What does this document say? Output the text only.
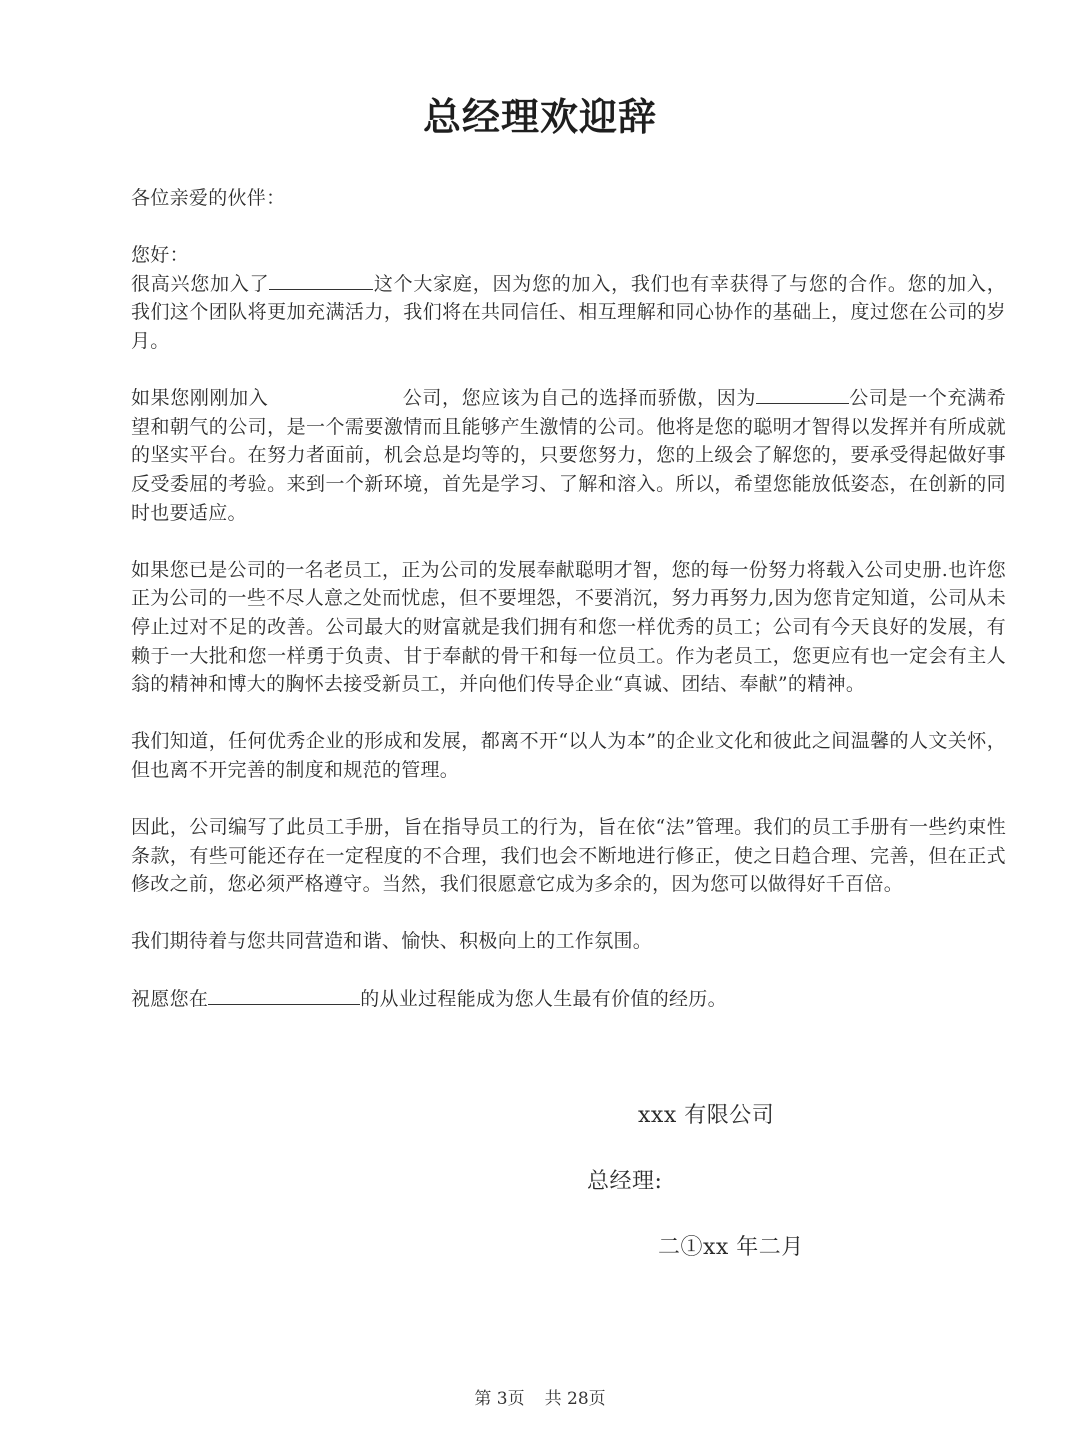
总经理欢迎辞

各位亲爱的伙伴：

您好：

很高兴您加入了	这个大家庭，因为您的加入，我们也有幸获得了与您的合作。您的加入，我们这个团队将更加充满活力，我们将在共同信任、相互理解和同心协作的基础上，度过您在公司的岁月。

如果您刚刚加入	公司，您应该为自己的选择而骄傲，因为	公司是一个充满希望和朝气的公司，是一个需要激情而且能够产生激情的公司。他将是您的聪明才智得以发挥并有所成就的坚实平台。在努力者面前，机会总是均等的，只要您努力，您的上级会了解您的，要承受得起做好事反受委屈的考验。来到一个新环境，首先是学习、了解和溶入。所以，希望您能放低姿态，在创新的同时也要适应。

如果您已是公司的一名老员工，正为公司的发展奉献聪明才智，您的每一份努力将载入公司史册.也许您正为公司的一些不尽人意之处而忧虑，但不要埋怨，不要消沉，努力再努力,因为您肯定知道，公司从未停止过对不足的改善。公司最大的财富就是我们拥有和您一样优秀的员工；公司有今天良好的发展，有赖于一大批和您一样勇于负责、甘于奉献的骨干和每一位员工。作为老员工，您更应有也一定会有主人翁的精神和博大的胸怀去接受新员工，并向他们传导企业“真诚、团结、奉献”的精神。

我们知道，任何优秀企业的形成和发展，都离不开“以人为本”的企业文化和彼此之间温馨的人文关怀，但也离不开完善的制度和规范的管理。

因此，公司编写了此员工手册，旨在指导员工的行为，旨在依“法”管理。我们的员工手册有一些约束性条款，有些可能还存在一定程度的不合理，我们也会不断地进行修正，使之日趋合理、完善，但在正式修改之前，您必须严格遵守。当然，我们很愿意它成为多余的，因为您可以做得好千百倍。

我们期待着与您共同营造和谐、愉快、积极向上的工作氛围。

祝愿您在	的从业过程能成为您人生最有价值的经历。

xxx 有限公司

总经理:

二①xx 年二月

第 3页 共 28页
